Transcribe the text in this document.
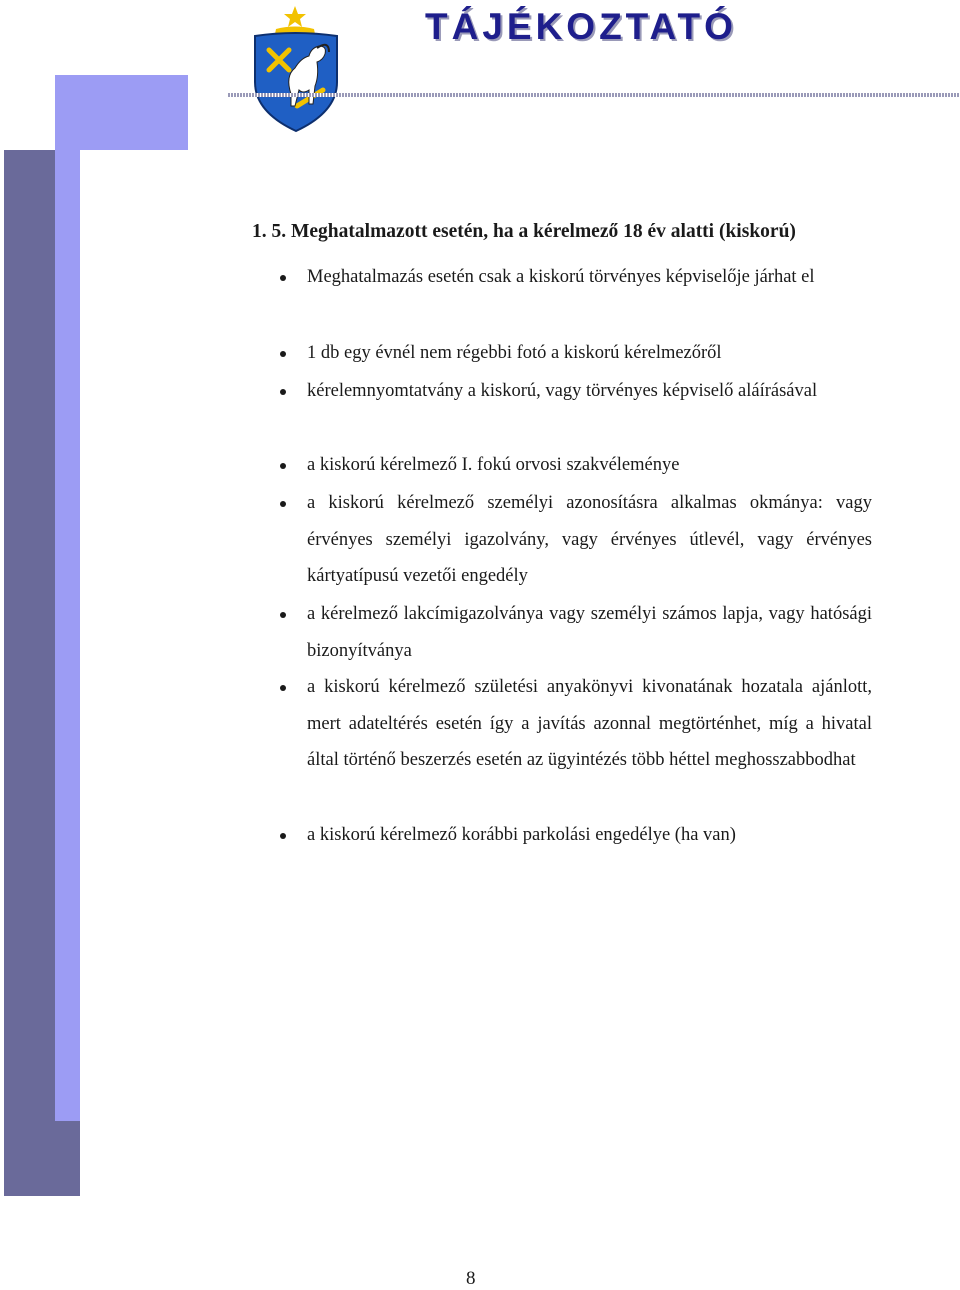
TÁJÉKOZTATÓ
1. 5. Meghatalmazott esetén, ha a kérelmező 18 év alatti (kiskorú)
Meghatalmazás esetén csak a kiskorú törvényes képviselője járhat el
1 db egy évnél nem régebbi fotó a kiskorú kérelmezőről
kérelemnyomtatvány a kiskorú, vagy törvényes képviselő aláírásával
a kiskorú kérelmező I. fokú orvosi szakvéleménye
a kiskorú kérelmező személyi azonosításra alkalmas okmánya: vagy érvényes személyi igazolvány, vagy érvényes útlevél, vagy érvényes kártyatípusú vezetői engedély
a kérelmező lakcímigazolványa vagy személyi számos lapja, vagy hatósági bizonyítványa
a kiskorú kérelmező születési anyakönyvi kivonatának hozatala ajánlott, mert adateltérés esetén így a javítás azonnal megtörténhet, míg a hivatal által történő beszerzés esetén az ügyintézés több héttel meghosszabbodhat
a kiskorú kérelmező korábbi parkolási engedélye (ha van)
8
